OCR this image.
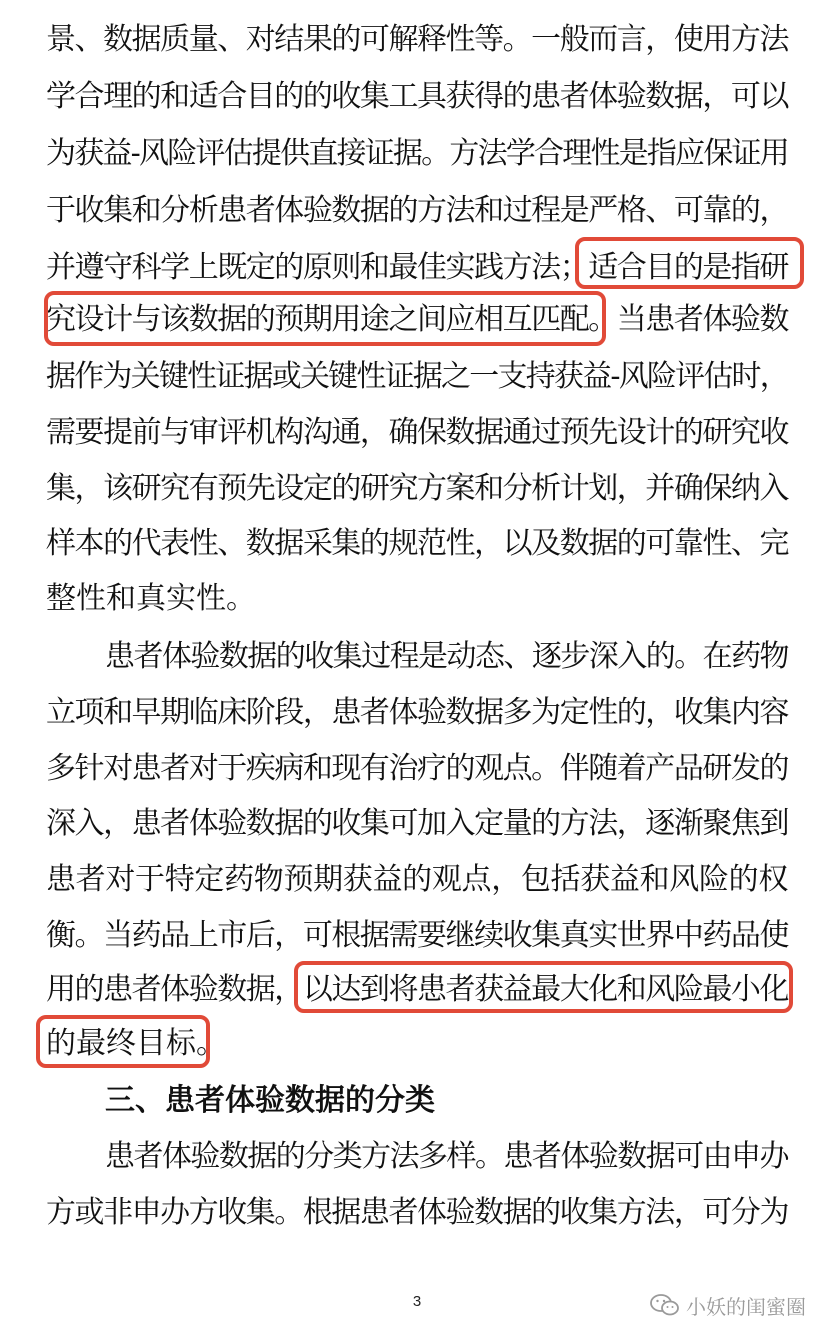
景、数据质量、对结果的可解释性等。一般而言，使用方法
学合理的和适合目的的收集工具获得的患者体验数据，可以
为获益-风险评估提供直接证据。方法学合理性是指应保证用
于收集和分析患者体验数据的方法和过程是严格、可靠的，
并遵守科学上既定的原则和最佳实践方法；适合目的是指研
究设计与该数据的预期用途之间应相互匹配。当患者体验数
据作为关键性证据或关键性证据之一支持获益-风险评估时，
需要提前与审评机构沟通，确保数据通过预先设计的研究收
集，该研究有预先设定的研究方案和分析计划，并确保纳入
样本的代表性、数据采集的规范性，以及数据的可靠性、完
整性和真实性。
患者体验数据的收集过程是动态、逐步深入的。在药物
立项和早期临床阶段，患者体验数据多为定性的，收集内容
多针对患者对于疾病和现有治疗的观点。伴随着产品研发的
深入，患者体验数据的收集可加入定量的方法，逐渐聚焦到
患者对于特定药物预期获益的观点，包括获益和风险的权
衡。当药品上市后，可根据需要继续收集真实世界中药品使
用的患者体验数据，以达到将患者获益最大化和风险最小化
的最终目标。
三、患者体验数据的分类
患者体验数据的分类方法多样。患者体验数据可由申办
方或非申办方收集。根据患者体验数据的收集方法，可分为
3	小妖的闺蜜圈
